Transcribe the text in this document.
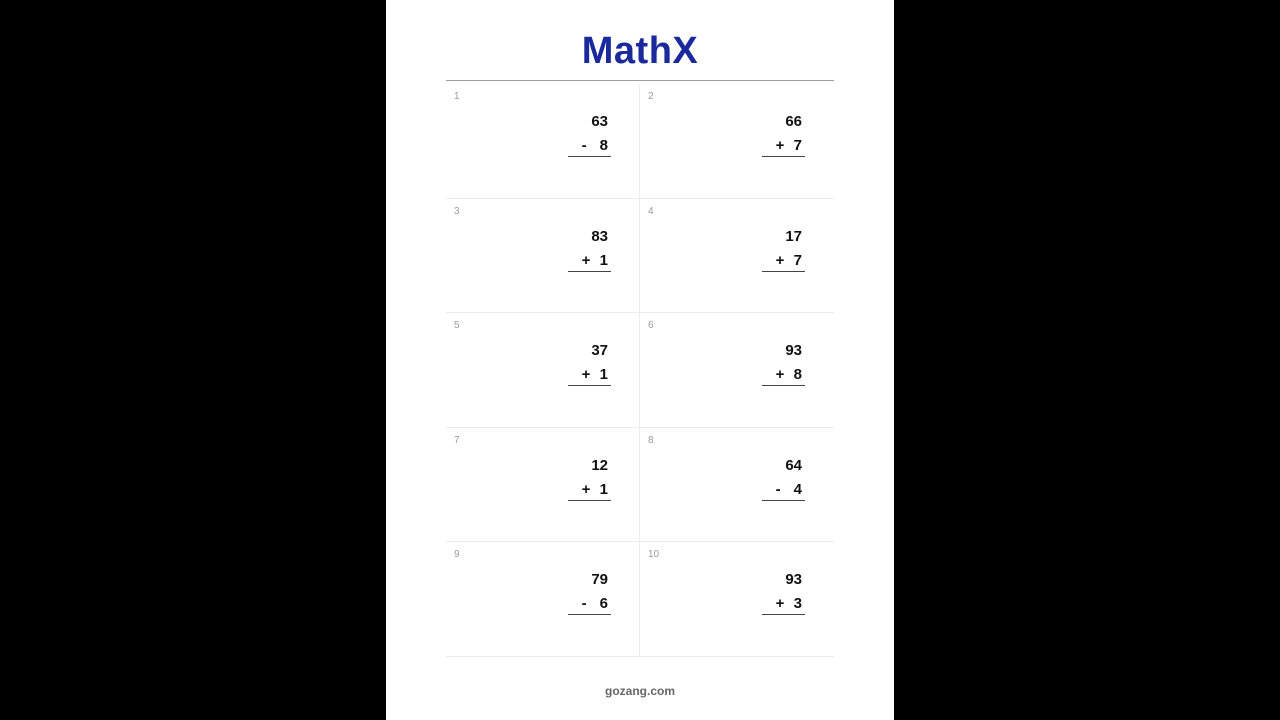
MathX
1
63
- 8
2
66
+ 7
3
83
+ 1
4
17
+ 7
5
37
+ 1
6
93
+ 8
7
12
+ 1
8
64
- 4
9
79
- 6
10
93
+ 3
gozang.com
